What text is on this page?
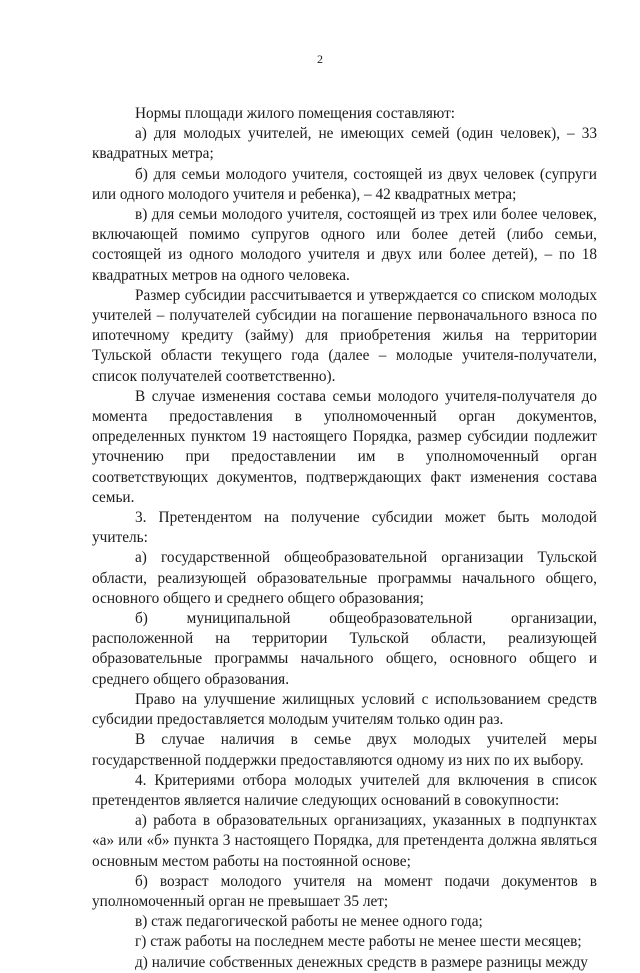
2

Нормы площади жилого помещения составляют:

а) для молодых учителей, не имеющих семей (один человек), – 33 квадратных метра;

б) для семьи молодого учителя, состоящей из двух человек (супруги или одного молодого учителя и ребенка), – 42 квадратных метра;

в) для семьи молодого учителя, состоящей из трех или более человек, включающей помимо супругов одного или более детей (либо семьи, состоящей из одного молодого учителя и двух или более детей), – по 18 квадратных метров на одного человека.

Размер субсидии рассчитывается и утверждается со списком молодых учителей – получателей субсидии на погашение первоначального взноса по ипотечному кредиту (займу) для приобретения жилья на территории Тульской области текущего года (далее – молодые учителя-получатели, список получателей соответственно).

В случае изменения состава семьи молодого учителя-получателя до момента предоставления в уполномоченный орган документов, определенных пунктом 19 настоящего Порядка, размер субсидии подлежит уточнению при предоставлении им в уполномоченный орган соответствующих документов, подтверждающих факт изменения состава семьи.

3. Претендентом на получение субсидии может быть молодой учитель:

а) государственной общеобразовательной организации Тульской области, реализующей образовательные программы начального общего, основного общего и среднего общего образования;

б) муниципальной общеобразовательной организации, расположенной на территории Тульской области, реализующей образовательные программы начального общего, основного общего и среднего общего образования.

Право на улучшение жилищных условий с использованием средств субсидии предоставляется молодым учителям только один раз.

В случае наличия в семье двух молодых учителей меры государственной поддержки предоставляются одному из них по их выбору.

4. Критериями отбора молодых учителей для включения в список претендентов является наличие следующих оснований в совокупности:

а) работа в образовательных организациях, указанных в подпунктах «а» или «б» пункта 3 настоящего Порядка, для претендента должна являться основным местом работы на постоянной основе;

б) возраст молодого учителя на момент подачи документов в уполномоченный орган не превышает 35 лет;

в) стаж педагогической работы не менее одного года;

г) стаж работы на последнем месте работы не менее шести месяцев;

д) наличие собственных денежных средств в размере разницы между
